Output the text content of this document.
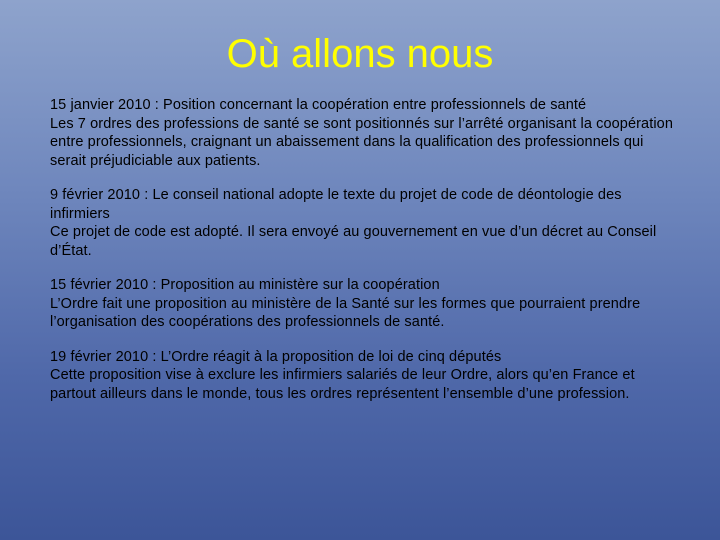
Où allons nous
15 janvier 2010 : Position concernant la coopération entre professionnels de santé
Les 7 ordres des professions de santé se sont positionnés sur l’arrêté organisant la coopération entre professionnels, craignant un abaissement dans la qualification des professionnels qui serait préjudiciable aux patients.
9 février 2010 : Le conseil national adopte le texte du projet de code de déontologie des infirmiers
Ce projet de code est adopté. Il sera envoyé au gouvernement en vue d’un décret au Conseil d’État.
15 février 2010 : Proposition au ministère sur la coopération
L’Ordre fait une proposition au ministère de la Santé sur les formes que pourraient prendre l’organisation des coopérations des professionnels de santé.
19 février 2010 : L’Ordre réagit à la proposition de loi de cinq députés
Cette proposition vise à exclure les infirmiers salariés de leur Ordre, alors qu’en France et partout ailleurs dans le monde, tous les ordres représentent l’ensemble d’une profession.
